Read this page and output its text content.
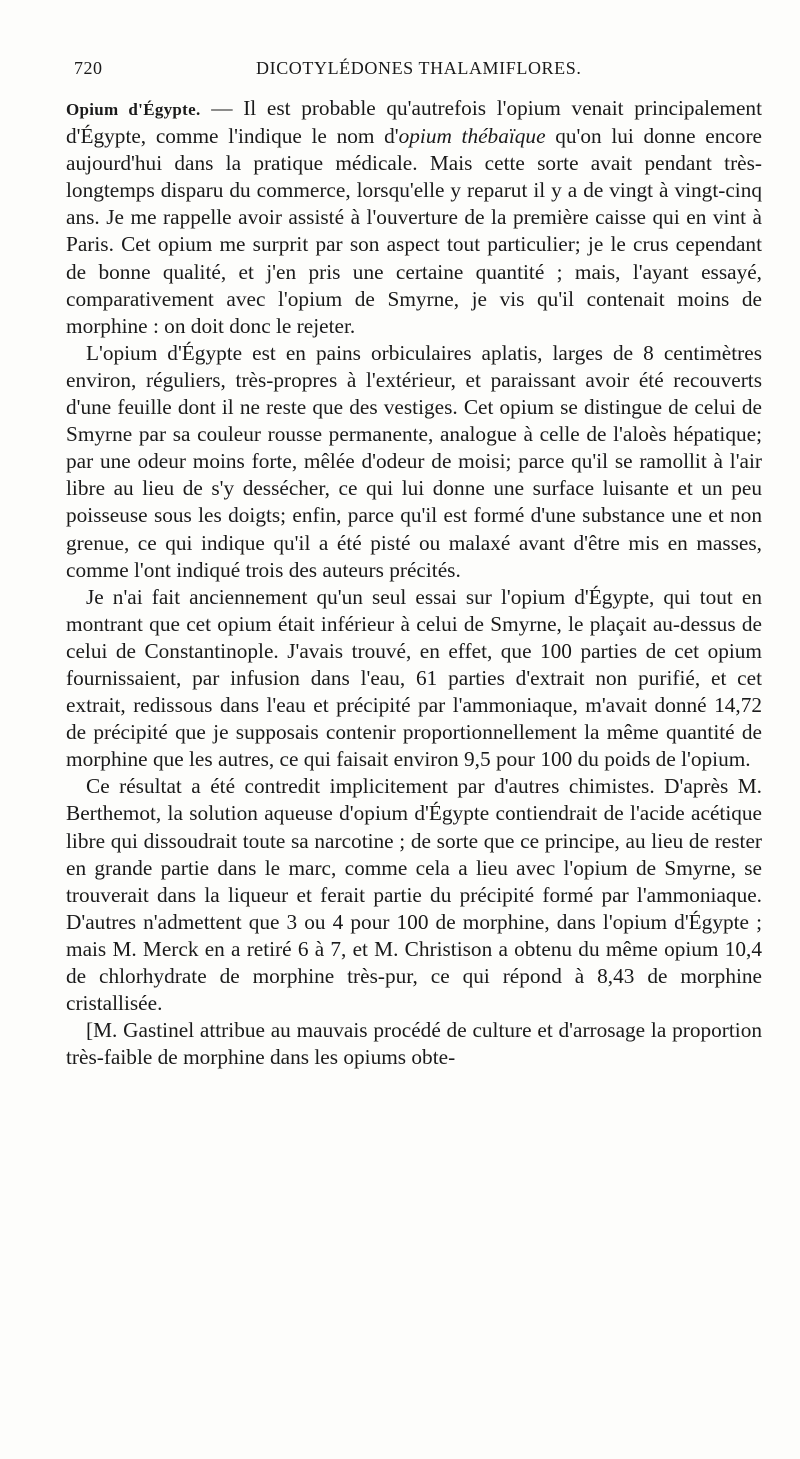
720	DICOTYLÉDONES THALAMIFLORES.

Opium d'Égypte. — Il est probable qu'autrefois l'opium venait principalement d'Égypte, comme l'indique le nom d'opium thébaïque qu'on lui donne encore aujourd'hui dans la pratique médicale. Mais cette sorte avait pendant très-longtemps disparu du commerce, lorsqu'elle y reparut il y a de vingt à vingt-cinq ans. Je me rappelle avoir assisté à l'ouverture de la première caisse qui en vint à Paris. Cet opium me surprit par son aspect tout particulier; je le crus cependant de bonne qualité, et j'en pris une certaine quantité ; mais, l'ayant essayé, comparativement avec l'opium de Smyrne, je vis qu'il contenait moins de morphine : on doit donc le rejeter.

L'opium d'Égypte est en pains orbiculaires aplatis, larges de 8 centimètres environ, réguliers, très-propres à l'extérieur, et paraissant avoir été recouverts d'une feuille dont il ne reste que des vestiges. Cet opium se distingue de celui de Smyrne par sa couleur rousse permanente, analogue à celle de l'aloès hépatique; par une odeur moins forte, mêlée d'odeur de moisi; parce qu'il se ramollit à l'air libre au lieu de s'y dessécher, ce qui lui donne une surface luisante et un peu poisseuse sous les doigts; enfin, parce qu'il est formé d'une substance une et non grenue, ce qui indique qu'il a été pisté ou malaxé avant d'être mis en masses, comme l'ont indiqué trois des auteurs précités.

Je n'ai fait anciennement qu'un seul essai sur l'opium d'Égypte, qui tout en montrant que cet opium était inférieur à celui de Smyrne, le plaçait au-dessus de celui de Constantinople. J'avais trouvé, en effet, que 100 parties de cet opium fournissaient, par infusion dans l'eau, 61 parties d'extrait non purifié, et cet extrait, redissous dans l'eau et précipité par l'ammoniaque, m'avait donné 14,72 de précipité que je supposais contenir proportionnellement la même quantité de morphine que les autres, ce qui faisait environ 9,5 pour 100 du poids de l'opium.

Ce résultat a été contredit implicitement par d'autres chimistes. D'après M. Berthemot, la solution aqueuse d'opium d'Égypte contiendrait de l'acide acétique libre qui dissoudrait toute sa narcotine ; de sorte que ce principe, au lieu de rester en grande partie dans le marc, comme cela a lieu avec l'opium de Smyrne, se trouverait dans la liqueur et ferait partie du précipité formé par l'ammoniaque. D'autres n'admettent que 3 ou 4 pour 100 de morphine, dans l'opium d'Égypte ; mais M. Merck en a retiré 6 à 7, et M. Christison a obtenu du même opium 10,4 de chlorhydrate de morphine très-pur, ce qui répond à 8,43 de morphine cristallisée.

[M. Gastinel attribue au mauvais procédé de culture et d'arrosage la proportion très-faible de morphine dans les opiums obte-
